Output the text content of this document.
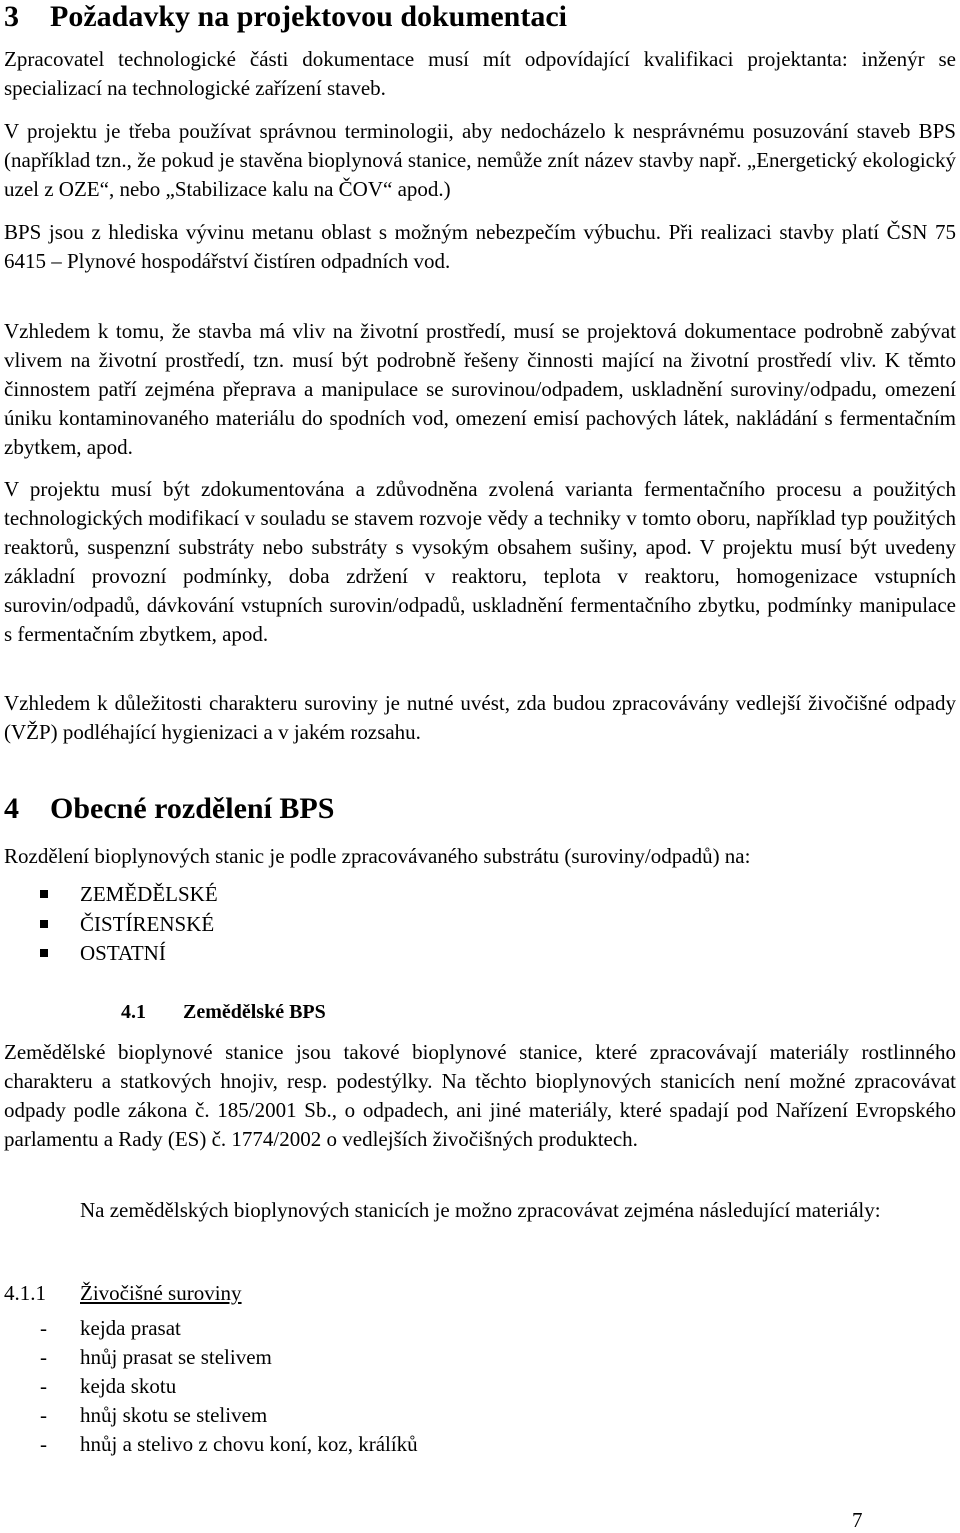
3 Požadavky na projektovou dokumentaci

Zpracovatel technologické části dokumentace musí mít odpovídající kvalifikaci projektanta: inženýr se specializací na technologické zařízení staveb.

V projektu je třeba používat správnou terminologii, aby nedocházelo k nesprávnému posuzování staveb BPS (například tzn., že pokud je stavěna bioplynová stanice, nemůže znít název stavby např. „Energetický ekologický uzel z OZE“, nebo „Stabilizace kalu na ČOV“ apod.)

BPS jsou z hlediska vývinu metanu oblast s možným nebezpečím výbuchu. Při realizaci stavby platí ČSN 75 6415 – Plynové hospodářství čistíren odpadních vod.

Vzhledem k tomu, že stavba má vliv na životní prostředí, musí se projektová dokumentace podrobně zabývat vlivem na životní prostředí, tzn. musí být podrobně řešeny činnosti mající na životní prostředí vliv. K těmto činnostem patří zejména přeprava a manipulace se surovinou/odpadem, uskladnění suroviny/odpadu, omezení úniku kontaminovaného materiálu do spodních vod, omezení emisí pachových látek, nakládání s fermentačním zbytkem, apod.

V projektu musí být zdokumentována a zdůvodněna zvolená varianta fermentačního procesu a použitých technologických modifikací v souladu se stavem rozvoje vědy a techniky v tomto oboru, například typ použitých reaktorů, suspenzní substráty nebo substráty s vysokým obsahem sušiny, apod. V projektu musí být uvedeny základní provozní podmínky, doba zdržení v reaktoru, teplota v reaktoru, homogenizace vstupních surovin/odpadů, dávkování vstupních surovin/odpadů, uskladnění fermentačního zbytku, podmínky manipulace s fermentačním zbytkem, apod.

Vzhledem k důležitosti charakteru suroviny je nutné uvést, zda budou zpracovávány vedlejší živočišné odpady (VŽP) podléhající hygienizaci a v jakém rozsahu.

4 Obecné rozdělení BPS

Rozdělení bioplynových stanic je podle zpracovávaného substrátu (suroviny/odpadů) na:

ZEMĚDĚLSKÉ
ČISTÍRENSKÉ
OSTATNÍ
4.1 Zemědělské BPS

Zemědělské bioplynové stanice jsou takové bioplynové stanice, které zpracovávají materiály rostlinného charakteru a statkových hnojiv, resp. podestýlky. Na těchto bioplynových stanicích není možné zpracovávat odpady podle zákona č. 185/2001 Sb., o odpadech, ani jiné materiály, které spadají pod Nařízení Evropského parlamentu a Rady (ES) č. 1774/2002 o vedlejších živočišných produktech.

Na zemědělských bioplynových stanicích je možno zpracovávat zejména následující materiály:

4.1.1 Živočišné suroviny
- kejda prasat
- hnůj prasat se stelivem
- kejda skotu
- hnůj skotu se stelivem
- hnůj a stelivo z chovu koní, koz, králíků
7
